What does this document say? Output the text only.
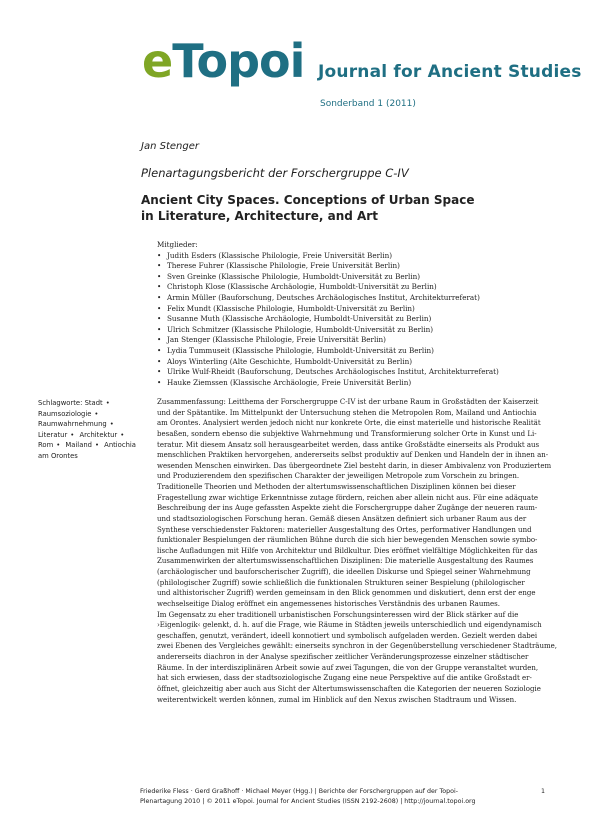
eTopoi Journal for Ancient Studies
Sonderband 1 (2011)
Jan Stenger
Plenartagungsbericht der Forschergruppe C-IV
Ancient City Spaces. Conceptions of Urban Space
in Literature, Architecture, and Art
Mitglieder:
• Judith Esders (Klassische Philologie, Freie Universität Berlin)
• Therese Fuhrer (Klassische Philologie, Freie Universität Berlin)
• Sven Greinke (Klassische Philologie, Humboldt-Universität zu Berlin)
• Christoph Klose (Klassische Archäologie, Humboldt-Universität zu Berlin)
• Armin Müller (Bauforschung, Deutsches Archäologisches Institut, Architekturreferat)
• Felix Mundt (Klassische Philologie, Humboldt-Universität zu Berlin)
• Susanne Muth (Klassische Archäologie, Humboldt-Universität zu Berlin)
• Ulrich Schmitzer (Klassische Philologie, Humboldt-Universität zu Berlin)
• Jan Stenger (Klassische Philologie, Freie Universität Berlin)
• Lydia Tummuseit (Klassische Philologie, Humboldt-Universität zu Berlin)
• Aloys Winterling (Alte Geschichte, Humboldt-Universität zu Berlin)
• Ulrike Wulf-Rheidt (Bauforschung, Deutsches Archäologisches Institut, Architekturreferat)
• Hauke Ziemssen (Klassische Archäologie, Freie Universität Berlin)
Schlagworte: Stadt • Raumsoziologie • Raumwahrnehmung • Literatur • Architektur • Rom • Mailand • Antiochia am Orontes
Zusammenfassung: Leitthema der Forschergruppe C-IV ist der urbane Raum in Großstädten der Kaiserzeit
und der Spätantike. Im Mittelpunkt der Untersuchung stehen die Metropolen Rom, Mailand und Antiochia
am Orontes. Analysiert werden jedoch nicht nur konkrete Orte, die einst materielle und historische Realität
besaßen, sondern ebenso die subjektive Wahrnehmung und Transformierung solcher Orte in Kunst und Li-
teratur. Mit diesem Ansatz soll herausgearbeitet werden, dass antike Großstädte einerseits als Produkt aus
menschlichen Praktiken hervorgehen, andererseits selbst produktiv auf Denken und Handeln der in ihnen an-
wesenden Menschen einwirken. Das übergeordnete Ziel besteht darin, in dieser Ambivalenz von Produziertem
und Produzierendem den spezifischen Charakter der jeweiligen Metropole zum Vorschein zu bringen.
Traditionelle Theorien und Methoden der altertumswissenschaftlichen Disziplinen können bei dieser
Fragestellung zwar wichtige Erkenntnisse zutage fördern, reichen aber allein nicht aus. Für eine adäquate
Beschreibung der ins Auge gefassten Aspekte zieht die Forschergruppe daher Zugänge der neueren raum-
und stadtsoziologischen Forschung heran. Gemäß diesen Ansätzen definiert sich urbaner Raum aus der
Synthese verschiedenster Faktoren: materieller Ausgestaltung des Ortes, performativer Handlungen und
funktionaler Bespielungen der räumlichen Bühne durch die sich hier bewegenden Menschen sowie symbo-
lische Aufladungen mit Hilfe von Architektur und Bildkultur. Dies eröffnet vielfältige Möglichkeiten für das
Zusammenwirken der altertumswissenschaftlichen Disziplinen: Die materielle Ausgestaltung des Raumes
(archäologischer und bauforscherischer Zugriff), die ideellen Diskurse und Spiegel seiner Wahrnehmung
(philologischer Zugriff) sowie schließlich die funktionalen Strukturen seiner Bespielung (philologischer
und althistorischer Zugriff) werden gemeinsam in den Blick genommen und diskutiert, denn erst der enge
wechselseitige Dialog eröffnet ein angemessenes historisches Verständnis des urbanen Raumes.
Im Gegensatz zu eher traditionell urbanistischen Forschungsinteressen wird der Blick stärker auf die
›Eigenlogik‹ gelenkt, d. h. auf die Frage, wie Räume in Städten jeweils unterschiedlich und eigendynamisch
geschaffen, genutzt, verändert, ideell konnotiert und symbolisch aufgeladen werden. Gezielt werden dabei
zwei Ebenen des Vergleiches gewählt: einerseits synchron in der Gegenüberstellung verschiedener Stadträume,
andererseits diachron in der Analyse spezifischer zeitlicher Veränderungsprozesse einzelner städtischer
Räume. In der interdisziplinären Arbeit sowie auf zwei Tagungen, die von der Gruppe veranstaltet wurden,
hat sich erwiesen, dass der stadtsoziologische Zugang eine neue Perspektive auf die antike Großstadt er-
öffnet, gleichzeitig aber auch aus Sicht der Altertumswissenschaften die Kategorien der neueren Soziologie
weiterentwickelt werden können, zumal im Hinblick auf den Nexus zwischen Stadtraum und Wissen.
Friederike Fless · Gerd Graßhoff · Michael Meyer (Hgg.) | Berichte der Forschergruppen auf der Topoi-
Plenartagung 2010 | © 2011 eTopoi. Journal for Ancient Studies (ISSN 2192-2608) | http://journal.topoi.org
1
